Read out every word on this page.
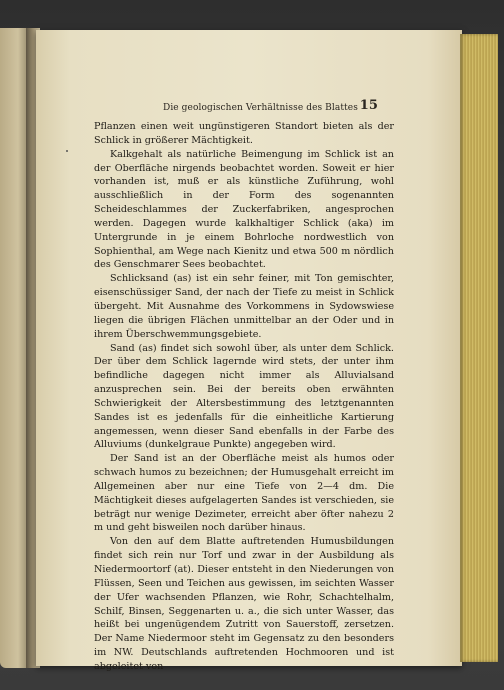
Die geologischen Verhältnisse des Blattes 15

Pflanzen einen weit ungünstigeren Standort bieten als der Schlick in größerer Mächtigkeit.

Kalkgehalt als natürliche Beimengung im Schlick ist an der Oberfläche nirgends beobachtet worden. Soweit er hier vorhanden ist, muß er als künstliche Zuführung, wohl ausschließlich in der Form des sogenannten Scheideschlammes der Zuckerfabriken, angesprochen werden. Dagegen wurde kalkhaltiger Schlick (aka) im Untergrunde in je einem Bohrloche nordwestlich von Sophienthal, am Wege nach Kienitz und etwa 500 m nördlich des Genschmarer Sees beobachtet.

Schlicksand (as) ist ein sehr feiner, mit Ton gemischter, eisenschüssiger Sand, der nach der Tiefe zu meist in Schlick übergeht. Mit Ausnahme des Vorkommens in Sydowswiese liegen die übrigen Flächen unmittelbar an der Oder und in ihrem Überschwemmungsgebiete.

Sand (as) findet sich sowohl über, als unter dem Schlick. Der über dem Schlick lagernde wird stets, der unter ihm befindliche dagegen nicht immer als Alluvialsand anzusprechen sein. Bei der bereits oben erwähnten Schwierigkeit der Altersbestimmung des letztgenannten Sandes ist es jedenfalls für die einheitliche Kartierung angemessen, wenn dieser Sand ebenfalls in der Farbe des Alluviums (dunkelgraue Punkte) angegeben wird.

Der Sand ist an der Oberfläche meist als humos oder schwach humos zu bezeichnen; der Humusgehalt erreicht im Allgemeinen aber nur eine Tiefe von 2—4 dm. Die Mächtigkeit dieses aufgelagerten Sandes ist verschieden, sie beträgt nur wenige Dezimeter, erreicht aber öfter nahezu 2 m und geht bisweilen noch darüber hinaus.

Von den auf dem Blatte auftretenden Humusbildungen findet sich rein nur Torf und zwar in der Ausbildung als Niedermoortorf (at). Dieser entsteht in den Niederungen von Flüssen, Seen und Teichen aus gewissen, im seichten Wasser der Ufer wachsenden Pflanzen, wie Rohr, Schachtelhalm, Schilf, Binsen, Seggenarten u. a., die sich unter Wasser, das heißt bei ungenügendem Zutritt von Sauerstoff, zersetzen. Der Name Niedermoor steht im Gegensatz zu den besonders im NW. Deutschlands auftretenden Hochmooren und ist abgeleitet von
